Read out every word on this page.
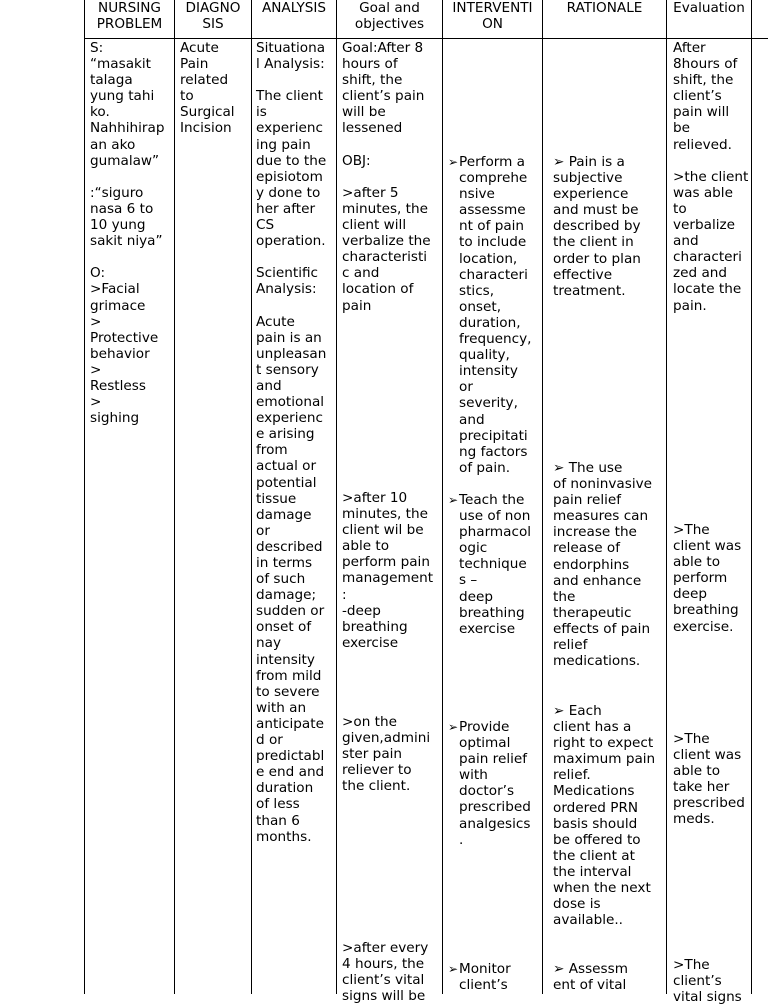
NURSING
PROBLEM
DIAGNO
SIS
ANALYSIS	Goal and
objectives
INTERVENTI
ON
RATIONALE	Evaluation
S:
“masakit
talaga
yung tahi
ko.
Nahhihirap
an ako
gumalaw”

:“siguro
nasa 6 to
10 yung
sakit niya”

O:
>Facial
grimace
>
Protective
behavior
>
Restless
>
sighing
Acute
Pain
related
to
Surgical
Incision
Situationa
l Analysis:

The client
is
experienc
ing pain
due to the
episiotom
y done to
her after
CS
operation.

Scientific
Analysis:

Acute
pain is an
unpleasan
t sensory
and
emotional
experienc
e arising
from
actual or
potential
tissue
damage
or
described
in terms
of such
damage;
sudden or
onset of
nay
intensity
from mild
to severe
with an
anticipate
d or
predictabl
e end and
duration
of less
than 6
months.
Goal:After 8
hours of
shift, the
client’s pain
will be
lessened

OBJ:

>after 5
minutes, the
client will
verbalize the
characteristi
c and
location of
pain
>after 10
minutes, the
client wil be
able to
perform pain
management
:
-deep
breathing
exercise
>on the
given,admini
ster pain
reliever to
the client.
>after every
4 hours, the
client’s vital
signs will be
➢ Perform a
comprehe
nsive
assessme
nt of pain
to include
location,
characteri
stics,
onset,
duration,
frequency,
quality,
intensity
or
severity,
and
precipitati
ng factors
of pain.
➢ Teach the
use of non
pharmacol
ogic
technique
s –
deep
breathing
exercise
➢ Provide
optimal
pain relief
with
doctor’s
prescribed
analgesics
.
➢ Monitor
client’s
➢ Pain is a
subjective
experience
and must be
described by
the client in
order to plan
effective
treatment.
➢ The use
of noninvasive
pain relief
measures can
increase the
release of
endorphins
and enhance
the
therapeutic
effects of pain
relief
medications.
➢ Each
client has a
right to expect
maximum pain
relief.
Medications
ordered PRN
basis should
be offered to
the client at
the interval
when the next
dose is
available..
➢ Assessm
ent of vital
After
8hours of
shift, the
client’s
pain will
be
relieved.

>the client
was able
to
verbalize
and
characteri
zed and
locate the
pain.
>The
client was
able to
perform
deep
breathing
exercise.
>The
client was
able to
take her
prescribed
meds.
>The
client’s
vital signs
